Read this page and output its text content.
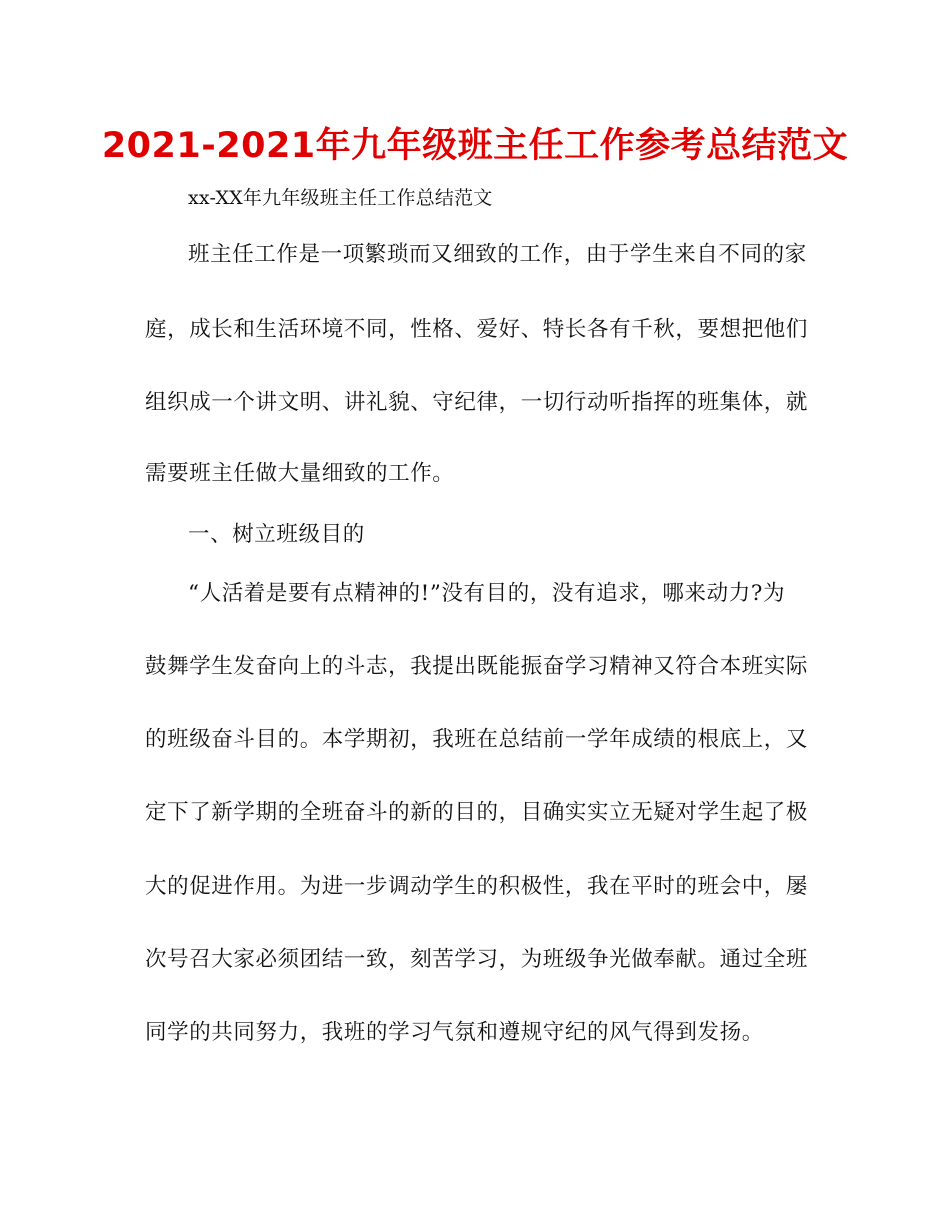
2021-2021年九年级班主任工作参考总结范文
xx-XX年九年级班主任工作总结范文
班主任工作是一项繁琐而又细致的工作，由于学生来自不同的家
庭，成长和生活环境不同，性格、爱好、特长各有千秋，要想把他们
组织成一个讲文明、讲礼貌、守纪律，一切行动听指挥的班集体，就
需要班主任做大量细致的工作。
一、树立班级目的
“人活着是要有点精神的!”没有目的，没有追求，哪来动力?为
鼓舞学生发奋向上的斗志，我提出既能振奋学习精神又符合本班实际
的班级奋斗目的。本学期初，我班在总结前一学年成绩的根底上，又
定下了新学期的全班奋斗的新的目的，目确实实立无疑对学生起了极
大的促进作用。为进一步调动学生的积极性，我在平时的班会中，屡
次号召大家必须团结一致，刻苦学习，为班级争光做奉献。通过全班
同学的共同努力，我班的学习气氛和遵规守纪的风气得到发扬。
